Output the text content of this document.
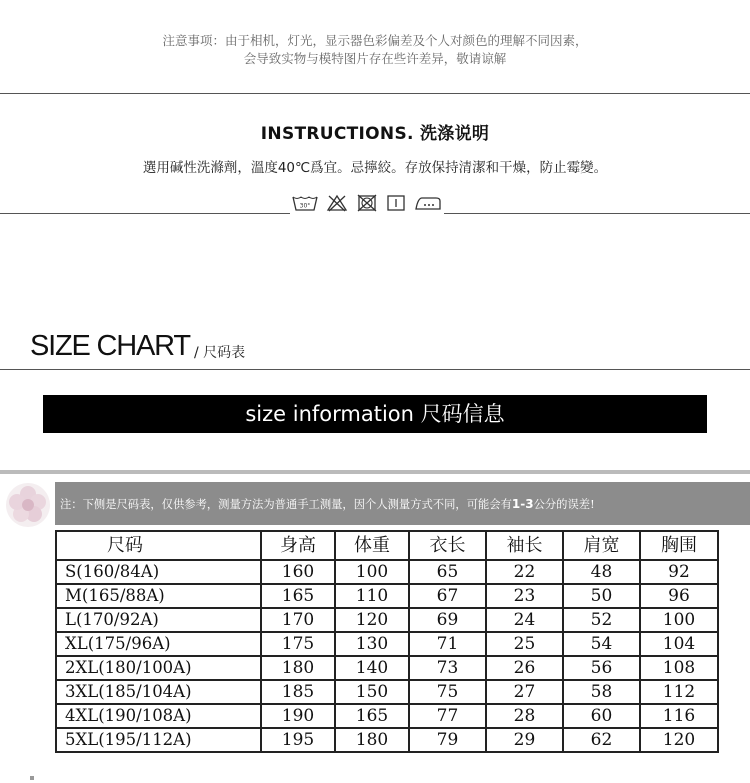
注意事项：由于相机，灯光，显示器色彩偏差及个人对颜色的理解不同因素，
会导致实物与模特图片存在些许差异，敬请谅解
INSTRUCTIONS. 洗涤说明
選用碱性洗滌劑，溫度40℃爲宜。忌擰絞。存放保持清潔和干燥，防止霉變。
30°
SIZE CHART / 尺码表
size information 尺码信息
注：下侧是尺码表，仅供参考，测量方法为普通手工测量，因个人测量方式不同，可能会有1-3公分的误差!
尺码	身高	体重	衣长	袖长	肩宽	胸围
S(160/84A)	160	100	65	22	48	92
M(165/88A)	165	110	67	23	50	96
L(170/92A)	170	120	69	24	52	100
XL(175/96A)	175	130	71	25	54	104
2XL(180/100A)	180	140	73	26	56	108
3XL(185/104A)	185	150	75	27	58	112
4XL(190/108A)	190	165	77	28	60	116
5XL(195/112A)	195	180	79	29	62	120
